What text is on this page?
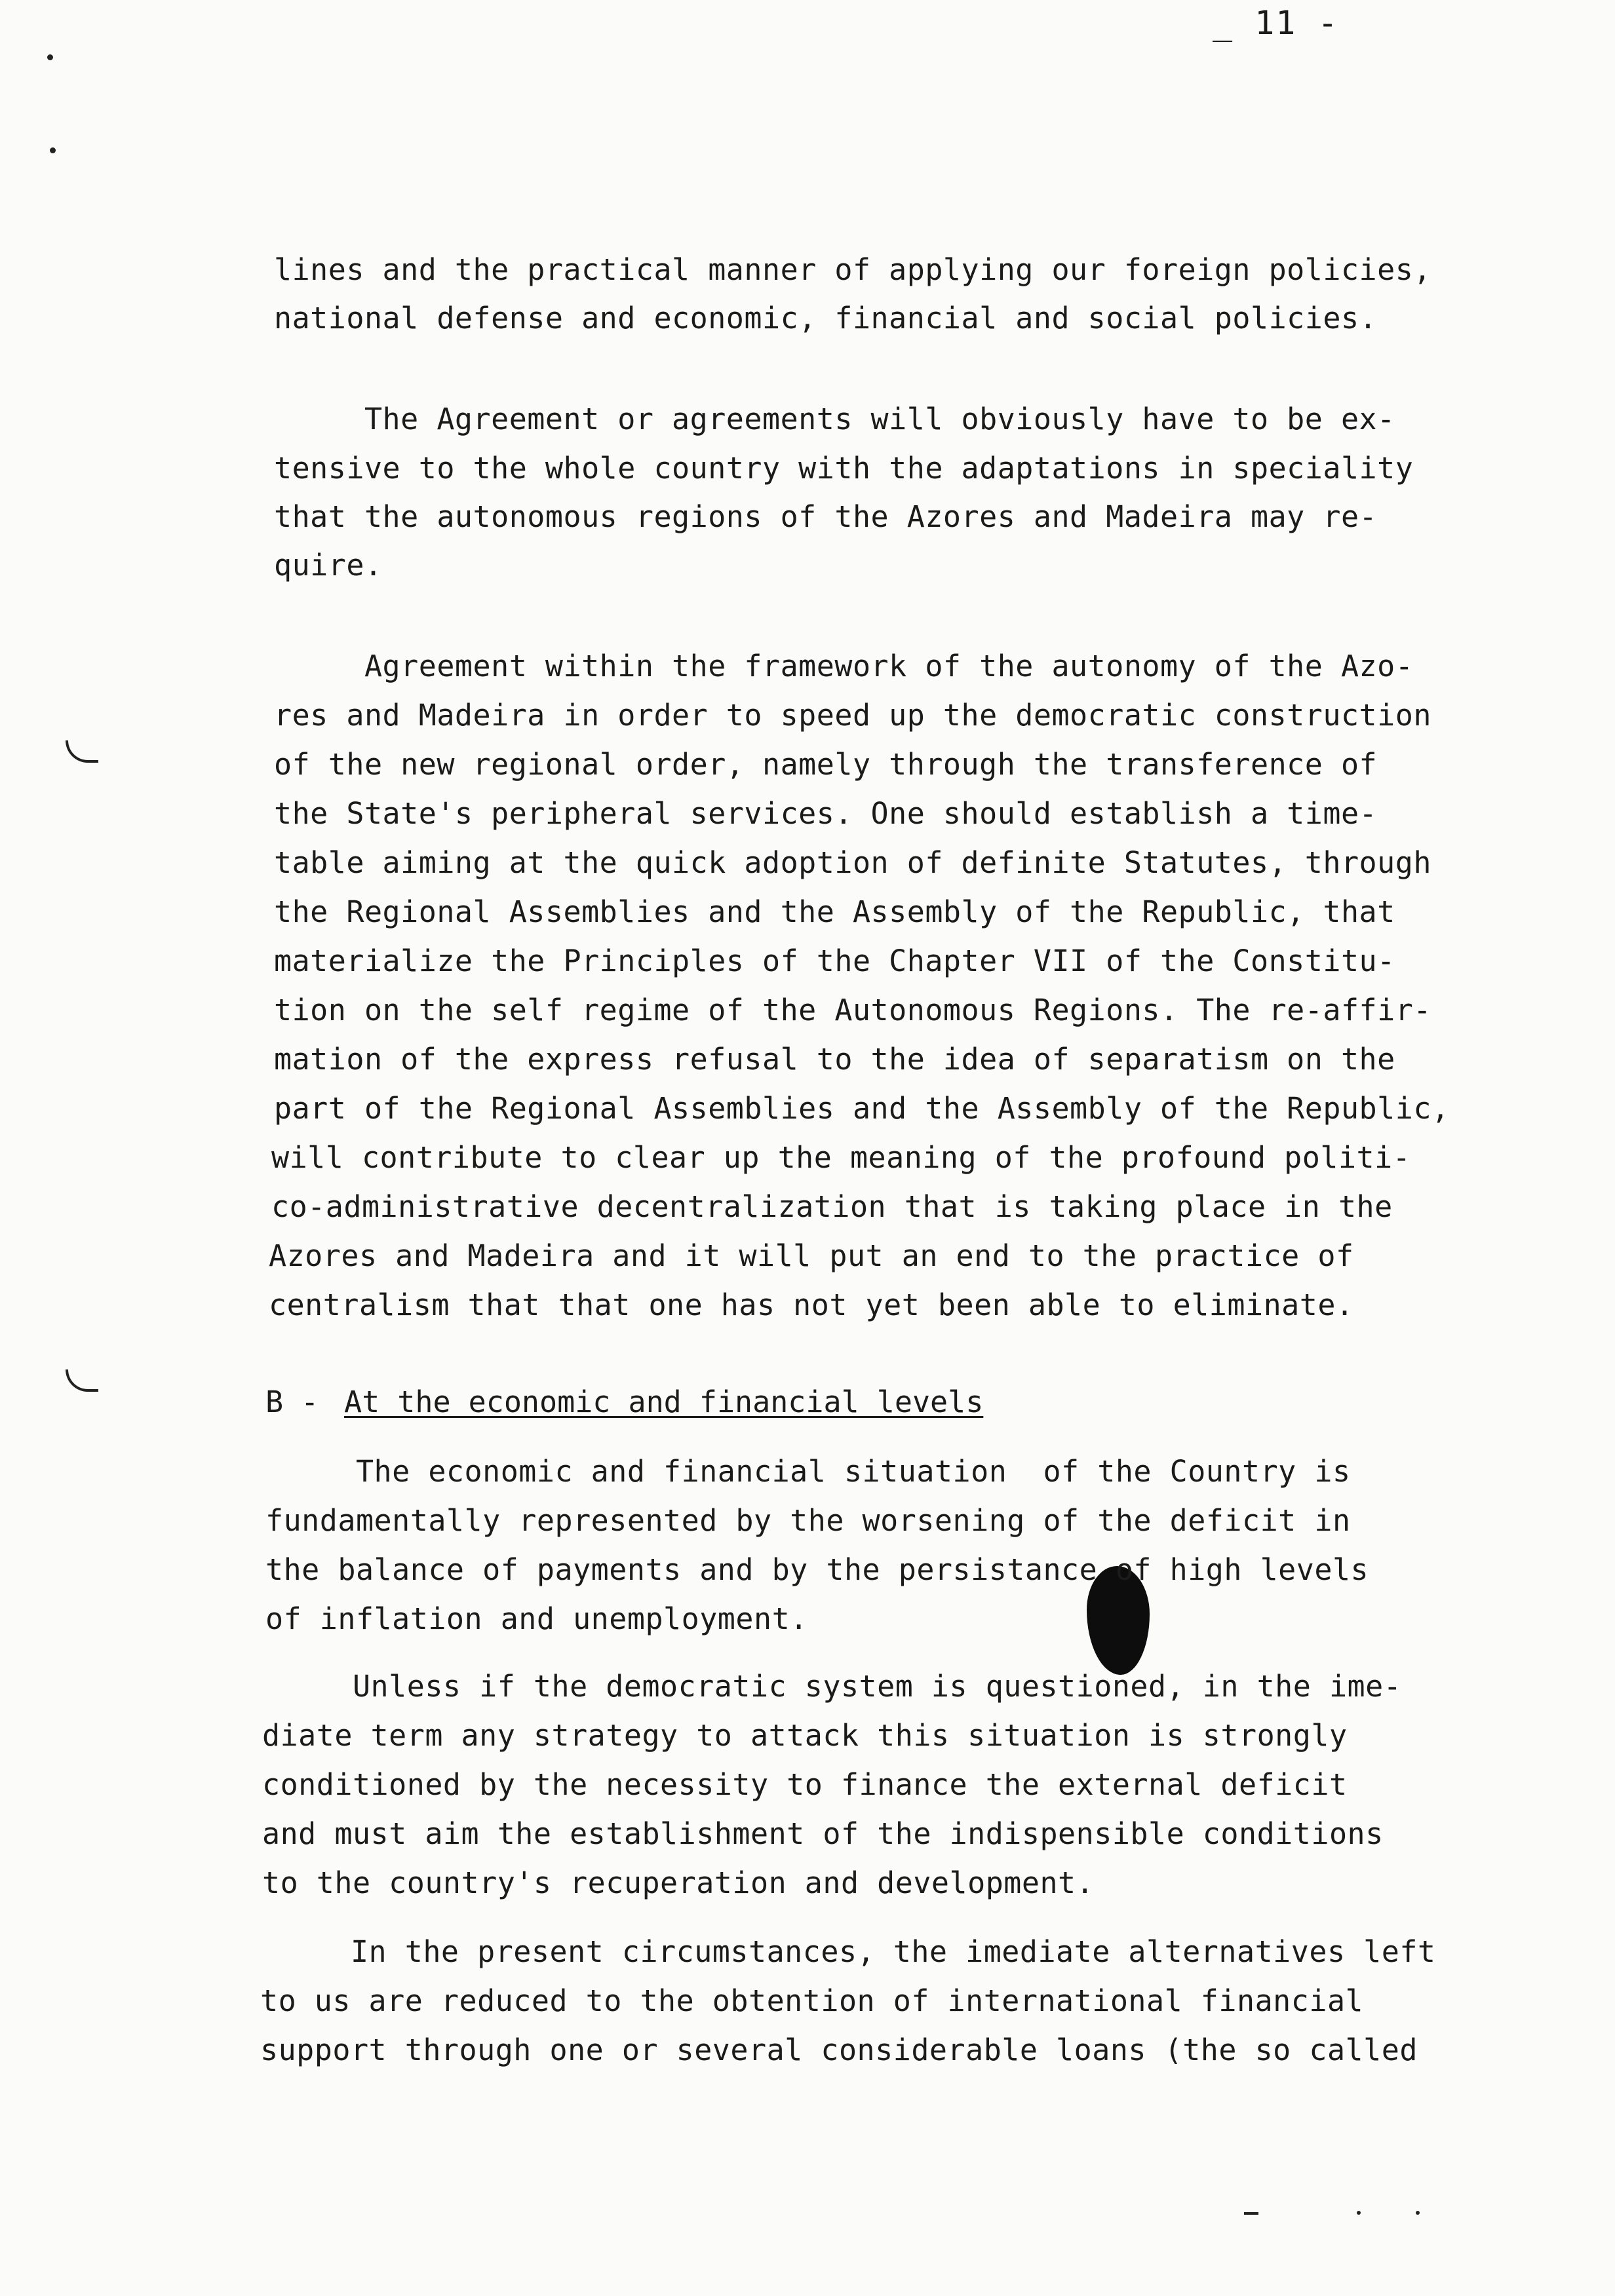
_ 11 -
lines and the practical manner of applying our foreign policies,
national defense and economic, financial and social policies.
The Agreement or agreements will obviously have to be ex-
tensive to the whole country with the adaptations in speciality
that the autonomous regions of the Azores and Madeira may re-
quire.
Agreement within the framework of the autonomy of the Azo-
res and Madeira in order to speed up the democratic construction
of the new regional order, namely through the transference of
the State's peripheral services. One should establish a time-
table aiming at the quick adoption of definite Statutes, through
the Regional Assemblies and the Assembly of the Republic, that
materialize the Principles of the Chapter VII of the Constitu-
tion on the self regime of the Autonomous Regions. The re-affir-
mation of the express refusal to the idea of separatism on the
part of the Regional Assemblies and the Assembly of the Republic,
will contribute to clear up the meaning of the profound politi-
co-administrative decentralization that is taking place in the
Azores and Madeira and it will put an end to the practice of
centralism that that one has not yet been able to eliminate.
B - At the economic and financial levels
The economic and financial situation  of the Country is
fundamentally represented by the worsening of the deficit in
the balance of payments and by the persistance of high levels
of inflation and unemployment.
Unless if the democratic system is questioned, in the ime-
diate term any strategy to attack this situation is strongly
conditioned by the necessity to finance the external deficit
and must aim the establishment of the indispensible conditions
to the country's recuperation and development.
In the present circumstances, the imediate alternatives left
to us are reduced to the obtention of international financial
support through one or several considerable loans (the so called
